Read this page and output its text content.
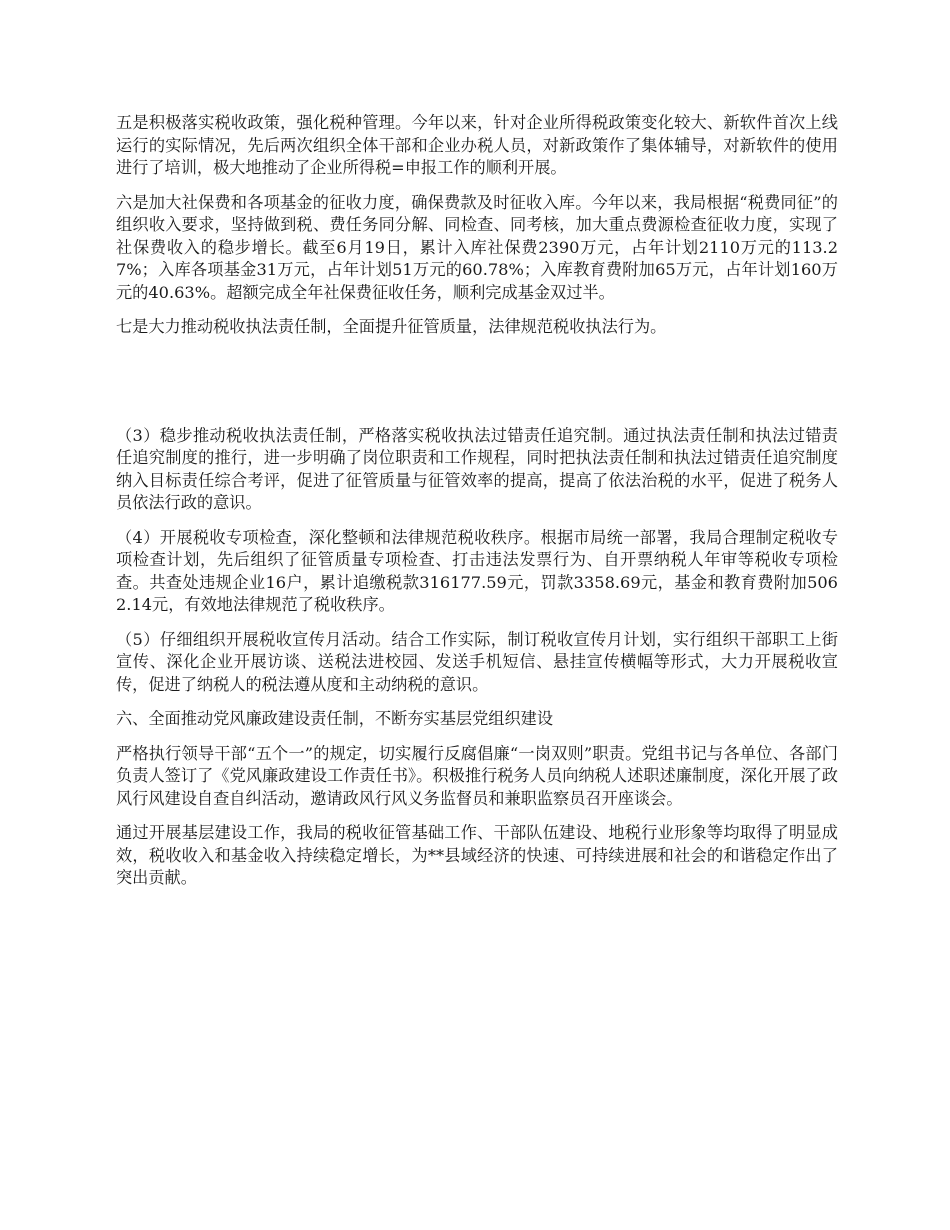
五是积极落实税收政策，强化税种管理。今年以来，针对企业所得税政策变化较大、新软件首次上线运行的实际情况，先后两次组织全体干部和企业办税人员，对新政策作了集体辅导，对新软件的使用进行了培训，极大地推动了企业所得税=申报工作的顺利开展。

六是加大社保费和各项基金的征收力度，确保费款及时征收入库。今年以来，我局根据“税费同征”的组织收入要求，坚持做到税、费任务同分解、同检查、同考核，加大重点费源检查征收力度，实现了社保费收入的稳步增长。截至6月19日，累计入库社保费2390万元，占年计划2110万元的113.27%；入库各项基金31万元，占年计划51万元的60.78%；入库教育费附加65万元，占年计划160万元的40.63%。超额完成全年社保费征收任务，顺利完成基金双过半。

七是大力推动税收执法责任制，全面提升征管质量，法律规范税收执法行为。

（3）稳步推动税收执法责任制，严格落实税收执法过错责任追究制。通过执法责任制和执法过错责任追究制度的推行，进一步明确了岗位职责和工作规程，同时把执法责任制和执法过错责任追究制度纳入目标责任综合考评，促进了征管质量与征管效率的提高，提高了依法治税的水平，促进了税务人员依法行政的意识。

（4）开展税收专项检查，深化整顿和法律规范税收秩序。根据市局统一部署，我局合理制定税收专项检查计划，先后组织了征管质量专项检查、打击违法发票行为、自开票纳税人年审等税收专项检查。共查处违规企业16户，累计追缴税款316177.59元，罚款3358.69元，基金和教育费附加5062.14元，有效地法律规范了税收秩序。

（5）仔细组织开展税收宣传月活动。结合工作实际，制订税收宣传月计划，实行组织干部职工上街宣传、深化企业开展访谈、送税法进校园、发送手机短信、悬挂宣传横幅等形式，大力开展税收宣传，促进了纳税人的税法遵从度和主动纳税的意识。

六、全面推动党风廉政建设责任制，不断夯实基层党组织建设

严格执行领导干部“五个一”的规定，切实履行反腐倡廉“一岗双则”职责。党组书记与各单位、各部门负责人签订了《党风廉政建设工作责任书》。积极推行税务人员向纳税人述职述廉制度，深化开展了政风行风建设自查自纠活动，邀请政风行风义务监督员和兼职监察员召开座谈会。

通过开展基层建设工作，我局的税收征管基础工作、干部队伍建设、地税行业形象等均取得了明显成效，税收收入和基金收入持续稳定增长，为**县域经济的快速、可持续进展和社会的和谐稳定作出了突出贡献。
